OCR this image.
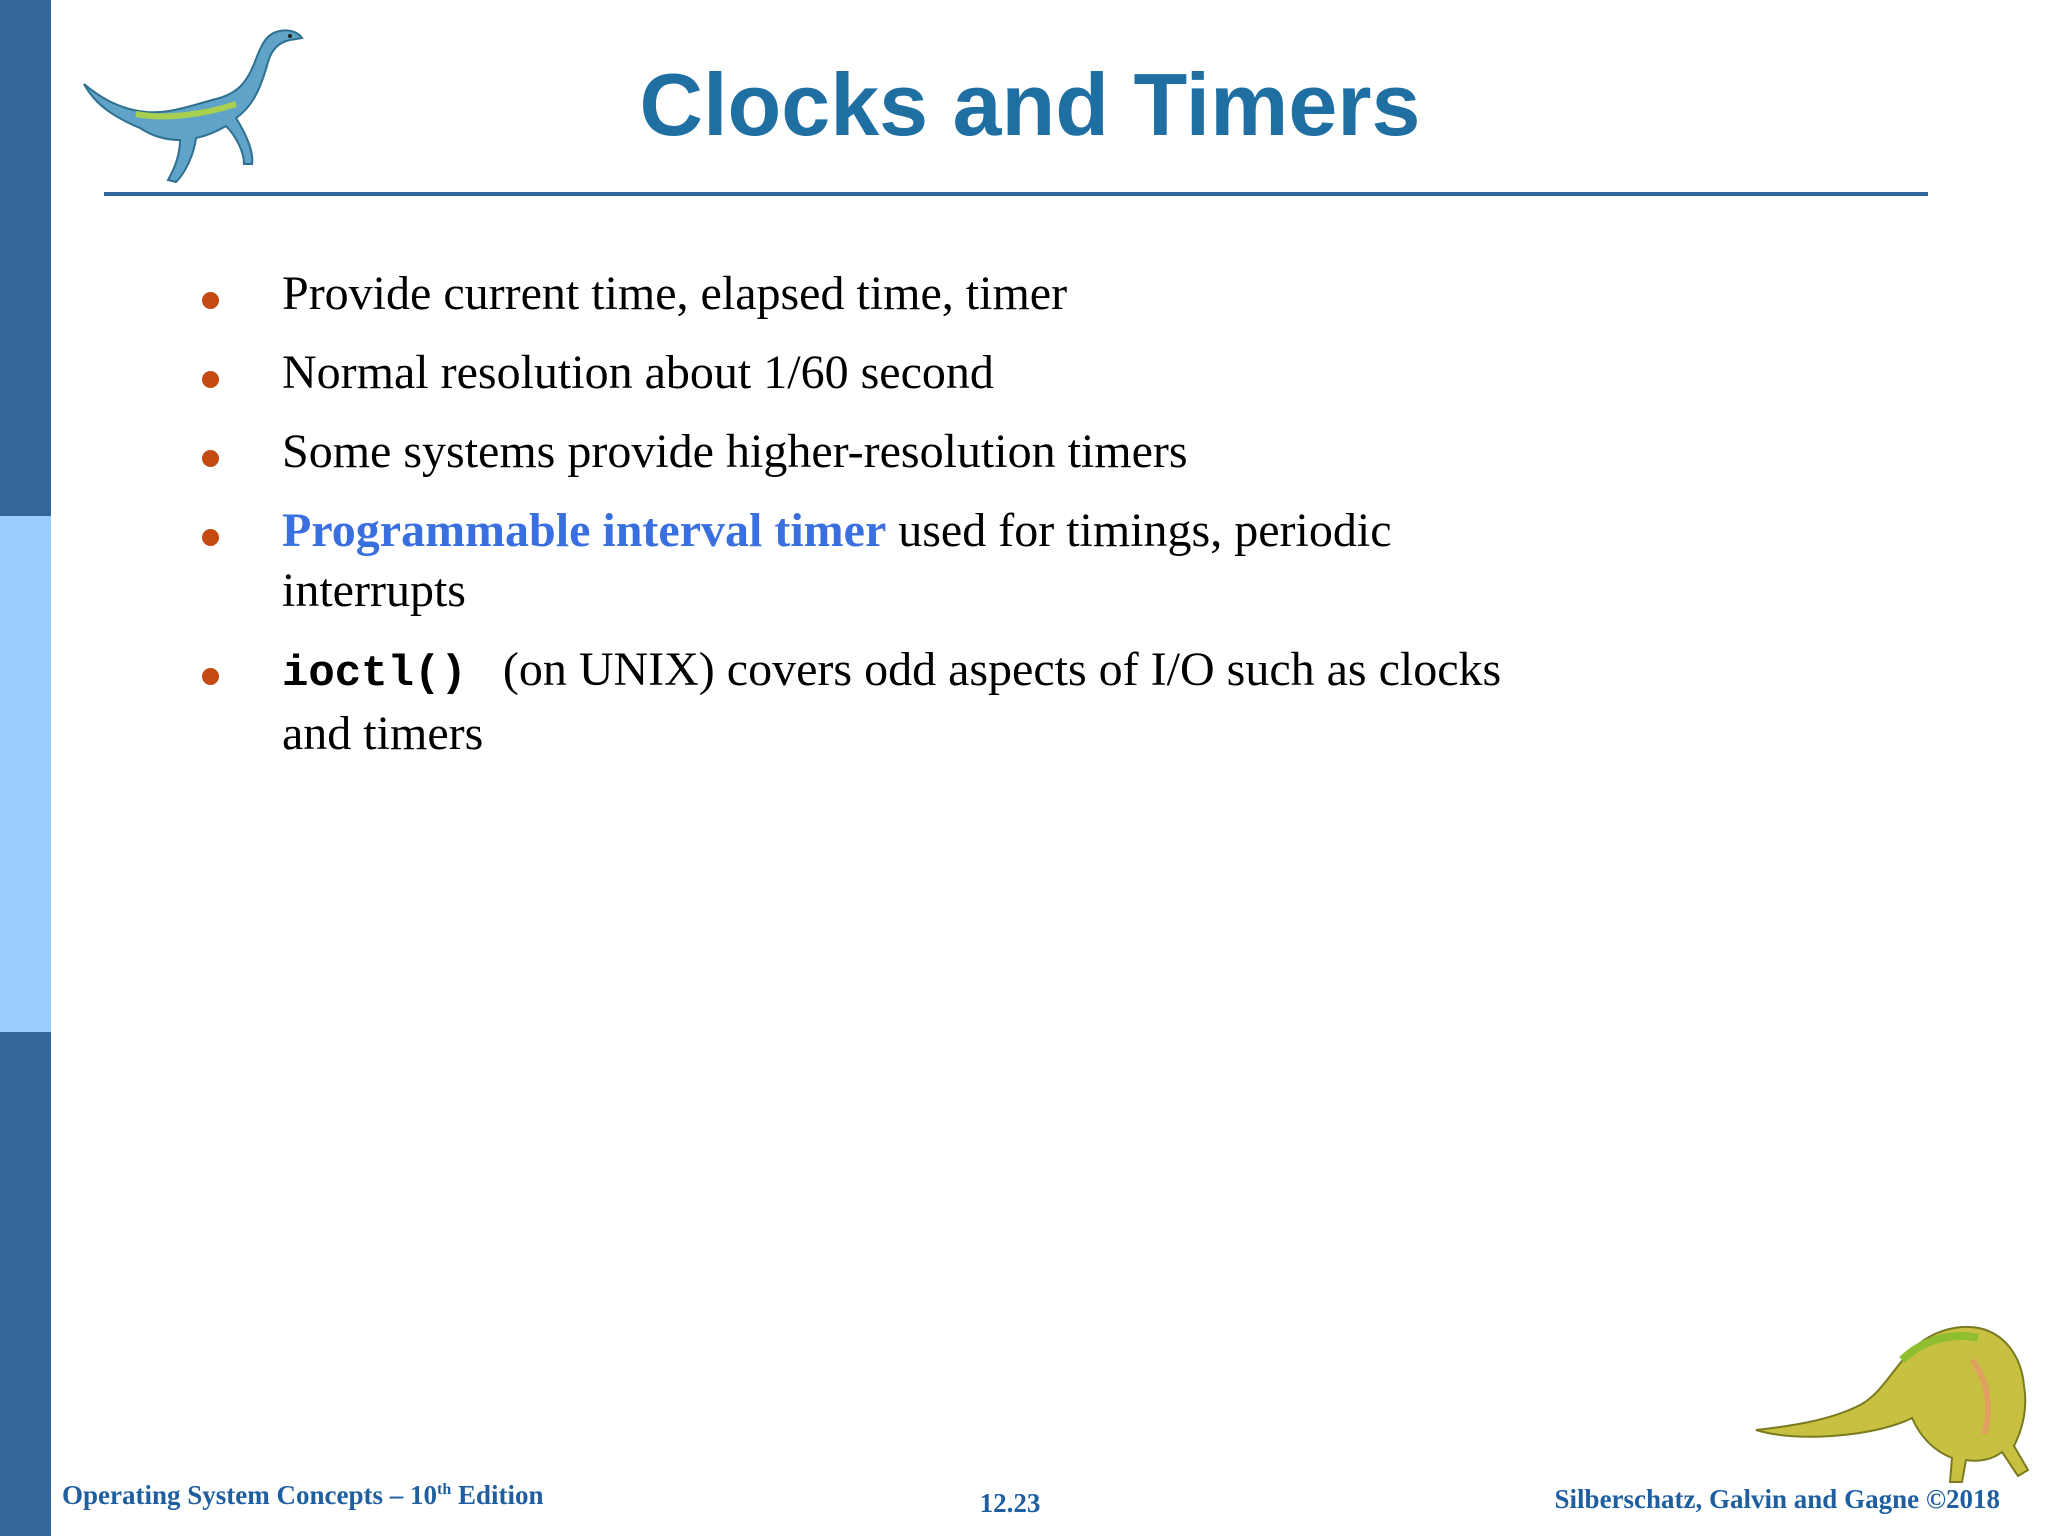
Clocks and Timers
Provide current time, elapsed time, timer
Normal resolution about 1/60 second
Some systems provide higher-resolution timers
Programmable interval timer used for timings, periodic interrupts
ioctl() (on UNIX) covers odd aspects of I/O such as clocks and timers
Operating System Concepts – 10th Edition	12.23	Silberschatz, Galvin and Gagne ©2018
